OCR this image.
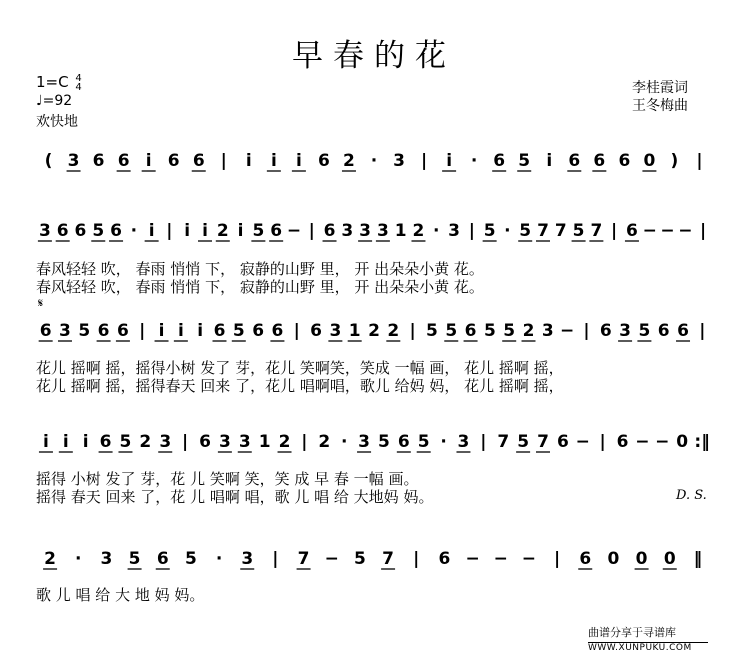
早春的花
1=C 4
4
♩=92
欢快地
李桂霞词
王冬梅曲
( 3 6 6 i 6 6 | i i i 6 2 · 3 | i · 6 5 i 6 6 6 0 ) |
3 6 6 5 6 · i | i i 2 i 5 6 − | 6 3 3 3 1 2 · 3 | 5 · 5 7 7 5 7 | 6 − − − |
6 3 5 6 6 | i i i 6 5 6 6 | 6 3 1 2 2 | 5 5 6 5 5 2 3 − | 6 3 5 6 6 |
i i i 6 5 2 3 | 6 3 3 1 2 | 2 · 3 5 6 5 · 3 | 7 5 7 6 − | 6 − − 0 :‖
2 · 3 5 6 5 · 3 | 7 − 5 7 | 6 − − − | 6 0 0 0 ‖
春风轻轻 吹， 春雨 悄悄 下， 寂静的山野 里， 开 出朵朵小黄 花。
春风轻轻 吹， 春雨 悄悄 下， 寂静的山野 里， 开 出朵朵小黄 花。
𝄋
花儿 摇啊 摇，摇得小树 发了 芽，花儿 笑啊笑，笑成 一幅 画， 花儿 摇啊 摇，
花儿 摇啊 摇，摇得春天 回来 了，花儿 唱啊唱，歌儿 给妈 妈， 花儿 摇啊 摇，
摇得 小树 发了 芽，花 儿 笑啊 笑，笑 成 早 春 一幅 画。
摇得 春天 回来 了，花 儿 唱啊 唱，歌 儿 唱 给 大地妈 妈。	D. S.
歌 儿 唱 给 大 地 妈 妈。
曲谱分享于寻谱库
WWW.XUNPUKU.COM
